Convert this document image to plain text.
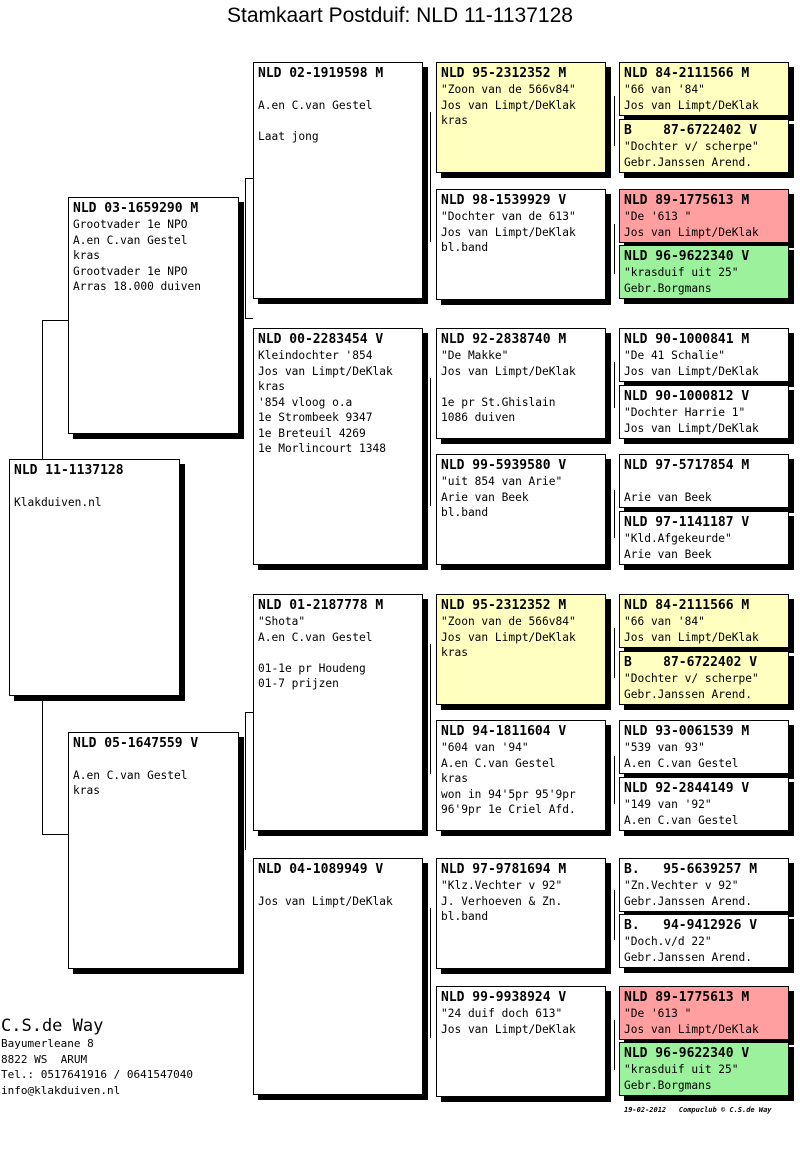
Stamkaart Postduif: NLD 11-1137128
NLD 11-1137128
Klakduiven.nl
NLD 03-1659290 M
Grootvader 1e NPO
A.en C.van Gestel
kras
Grootvader 1e NPO
Arras 18.000 duiven
NLD 05-1647559 V
A.en C.van Gestel
kras
NLD 02-1919598 M
A.en C.van Gestel
Laat jong
NLD 00-2283454 V
Kleindochter '854
Jos van Limpt/DeKlak
kras
'854 vloog o.a
1e Strombeek 9347
1e Breteuil 4269
1e Morlincourt 1348
NLD 01-2187778 M
"Shota"
A.en C.van Gestel
01-1e pr Houdeng
01-7 prijzen
NLD 04-1089949 V
Jos van Limpt/DeKlak
NLD 95-2312352 M
"Zoon van de 566v84"
Jos van Limpt/DeKlak
kras
NLD 98-1539929 V
"Dochter van de 613"
Jos van Limpt/DeKlak
bl.band
NLD 92-2838740 M
"De Makke"
Jos van Limpt/DeKlak
1e pr St.Ghislain
1086 duiven
NLD 99-5939580 V
"uit 854 van Arie"
Arie van Beek
bl.band
NLD 95-2312352 M
"Zoon van de 566v84"
Jos van Limpt/DeKlak
kras
NLD 94-1811604 V
"604 van '94"
A.en C.van Gestel
kras
won in 94'5pr 95'9pr
96'9pr 1e Criel Afd.
NLD 97-9781694 M
"Klz.Vechter v 92"
J. Verhoeven & Zn.
bl.band
NLD 99-9938924 V
"24 duif doch 613"
Jos van Limpt/DeKlak
NLD 84-2111566 M
"66 van '84"
Jos van Limpt/DeKlak
B    87-6722402 V
"Dochter v/ scherpe"
Gebr.Janssen Arend.
NLD 89-1775613 M
"De '613 "
Jos van Limpt/DeKlak
NLD 96-9622340 V
"krasduif uit 25"
Gebr.Borgmans
NLD 90-1000841 M
"De 41 Schalie"
Jos van Limpt/DeKlak
NLD 90-1000812 V
"Dochter Harrie 1"
Jos van Limpt/DeKlak
NLD 97-5717854 M
Arie van Beek
NLD 97-1141187 V
"Kld.Afgekeurde"
Arie van Beek
NLD 84-2111566 M
"66 van '84"
Jos van Limpt/DeKlak
B    87-6722402 V
"Dochter v/ scherpe"
Gebr.Janssen Arend.
NLD 93-0061539 M
"539 van 93"
A.en C.van Gestel
NLD 92-2844149 V
"149 van '92"
A.en C.van Gestel
B.   95-6639257 M
"Zn.Vechter v 92"
Gebr.Janssen Arend.
B.   94-9412926 V
"Doch.v/d 22"
Gebr.Janssen Arend.
NLD 89-1775613 M
"De '613 "
Jos van Limpt/DeKlak
NLD 96-9622340 V
"krasduif uit 25"
Gebr.Borgmans
C.S.de Way
Bayumerleane 8
8822 WS  ARUM
Tel.: 0517641916 / 0641547040
info@klakduiven.nl
19-02-2012   Compuclub © C.S.de Way
